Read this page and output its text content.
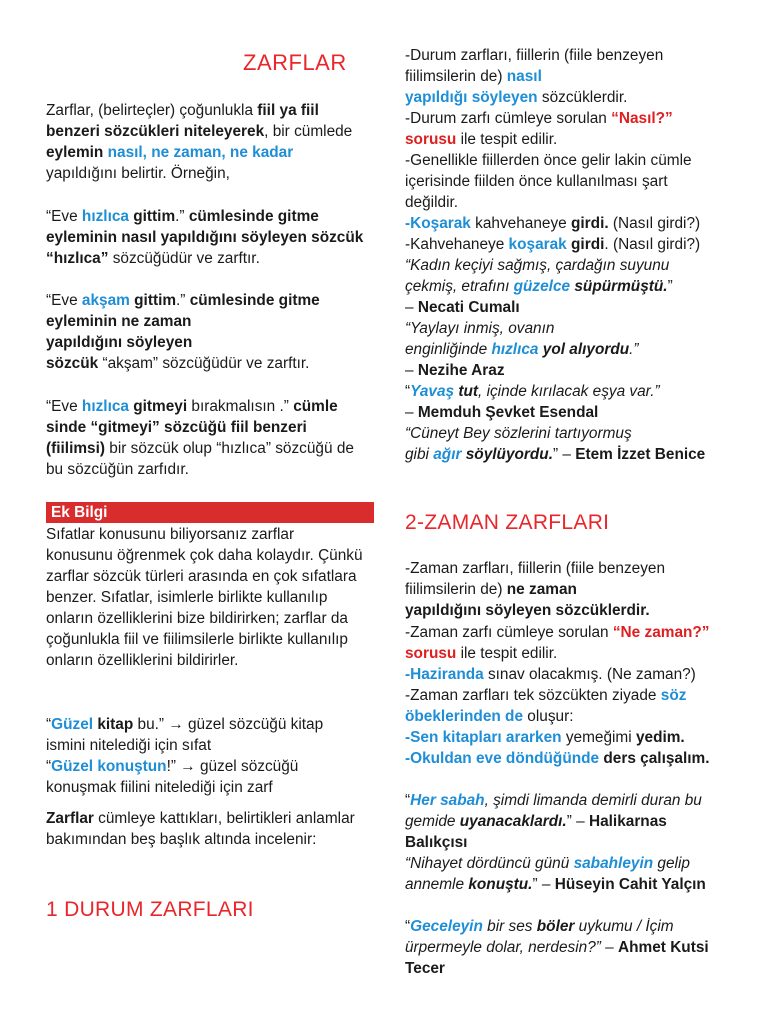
ZARFLAR

Zarflar, (belirteçler) çoğunlukla fiil ya fiil benzeri sözcükleri niteleyerek, bir cümlede eylemin nasıl, ne zaman, ne kadar yapıldığını belirtir. Örneğin,

“Eve hızlıca gittim.” cümlesinde gitme eyleminin nasıl yapıldığını söyleyen sözcük “hızlıca” sözcüğüdür ve zarftır.

“Eve akşam gittim.” cümlesinde gitme eyleminin ne zaman

yapıldığını söyleyen

sözcük “akşam” sözcüğüdür ve zarftır.

“Eve hızlıca gitmeyi bırakmalısın .” cümle sinde “gitmeyi” sözcüğü fiil benzeri (fiilimsi) bir sözcük olup “hızlıca” sözcüğü de bu sözcüğün zarfıdır.

Ek Bilgi

Sıfatlar konusunu biliyorsanız zarflar konusunu öğrenmek çok daha kolaydır. Çünkü zarflar sözcük türleri arasında en çok sıfatlara benzer. Sıfatlar, isimlerle birlikte kullanılıp onların özelliklerini bize bildirirken; zarflar da çoğunlukla fiil ve fiilimsilerle birlikte kullanılıp onların özelliklerini bildirirler.

“Güzel kitap bu.” → güzel sözcüğü kitap ismini nitelediği için sıfat

“Güzel konuştun!” → güzel sözcüğü konuşmak fiilini nitelediği için zarf

Zarflar cümleye kattıkları, belirtikleri anlamlar bakımından beş başlık altında incelenir:

1 DURUM ZARFLARI

-Durum zarfları, fiillerin (fiile benzeyen fiilimsilerin de) nasıl

yapıldığı söyleyen sözcüklerdir.

-Durum zarfı cümleye sorulan “Nasıl?” sorusu ile tespit edilir.

-Genellikle fiillerden önce gelir lakin cümle içerisinde fiilden önce kullanılması şart değildir.

-Koşarak kahvehaneye girdi. (Nasıl girdi?)

-Kahvehaneye koşarak girdi. (Nasıl girdi?)

“Kadın keçiyi sağmış, çardağın suyunu çekmiş, etrafını güzelce süpürmüştü.”

– Necati Cumalı

“Yaylayı inmiş, ovanın

enginliğinde hızlıca yol alıyordu.”

– Nezihe Araz

“Yavaş tut, içinde kırılacak eşya var.”

– Memduh Şevket Esendal

“Cüneyt Bey sözlerini tartıyormuş

gibi ağır söylüyordu.” – Etem İzzet Benice

2-ZAMAN ZARFLARI

-Zaman zarfları, fiillerin (fiile benzeyen fiilimsilerin de) ne zaman

yapıldığını söyleyen sözcüklerdir.

-Zaman zarfı cümleye sorulan “Ne zaman?” sorusu ile tespit edilir.

-Haziranda sınav olacakmış. (Ne zaman?)

-Zaman zarfları tek sözcükten ziyade söz öbeklerinden de oluşur:

-Sen kitapları ararken yemeğimi yedim.

-Okuldan eve döndüğünde ders çalışalım.

“Her sabah, şimdi limanda demirli duran bu gemide uyanacaklardı.” – Halikarnas Balıkçısı

“Nihayet dördüncü günü sabahleyin gelip annemle konuştu.” – Hüseyin Cahit Yalçın

“Geceleyin bir ses böler uykumu / İçim ürpermeyle dolar, nerdesin?” – Ahmet Kutsi Tecer
